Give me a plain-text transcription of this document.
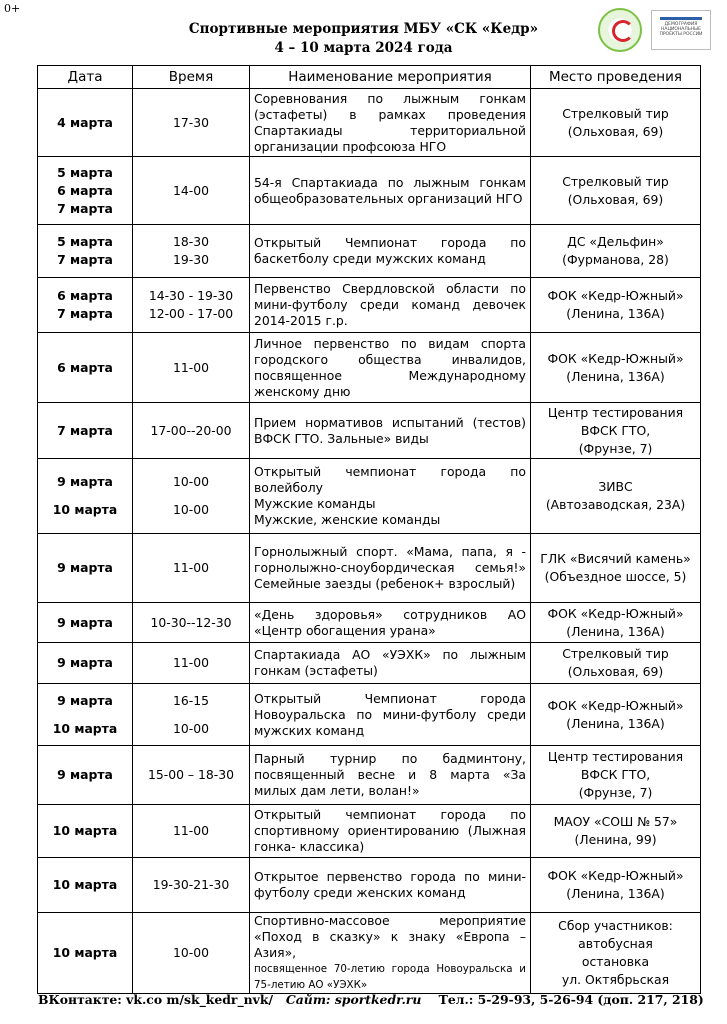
0+
Спортивные мероприятия МБУ «СК «Кедр»
4 – 10 марта 2024 года
ДЕМОГРАФИЯ НАЦИОНАЛЬНЫЕ ПРОЕКТЫ РОССИИ
Дата	Время	Наименование мероприятия	Место проведения

4 марта	17-30	Соревнования по лыжным гонкам (эстафеты) в рамках проведения Спартакиады территориальной организации профсоюза НГО	Стрелковый тир
(Ольховая, 69)

5 марта
6 марта
7 марта	14-00	54-я Спартакиада по лыжным гонкам общеобразовательных организаций НГО	Стрелковый тир
(Ольховая, 69)

5 марта
7 марта	18-30
19-30	Открытый Чемпионат города по баскетболу среди мужских команд	ДС «Дельфин»
(Фурманова, 28)

6 марта
7 марта	14-30 - 19-30
12-00 - 17-00	Первенство Свердловской области по мини-футболу среди команд девочек 2014-2015 г.р.	ФОК «Кедр-Южный»
(Ленина, 136А)

6 марта	11-00	Личное первенство по видам спорта городского общества инвалидов, посвященное Международному женскому дню	ФОК «Кедр-Южный»
(Ленина, 136А)

7 марта	17-00--20-00	Прием нормативов испытаний (тестов) ВФСК ГТО. Зальные» виды	Центр тестирования
ВФСК ГТО,
(Фрунзе, 7)

9 марта
10 марта	10-00
10-00	Открытый чемпионат города по волейболу
Мужские команды
Мужские, женские команды	ЗИВС
(Автозаводская, 23А)

9 марта	11-00	Горнолыжный спорт. «Мама, папа, я - горнолыжно-сноубордическая семья!» Семейные заезды (ребенок+ взрослый)	ГЛК «Висячий камень»
(Объездное шоссе, 5)

9 марта	10-30--12-30	«День здоровья» сотрудников АО «Центр обогащения урана»	ФОК «Кедр-Южный»
(Ленина, 136А)

9 марта	11-00	Спартакиада АО «УЭХК» по лыжным гонкам (эстафеты)	Стрелковый тир
(Ольховая, 69)

9 марта
10 марта	16-15
10-00	Открытый Чемпионат города Новоуральска по мини-футболу среди мужских команд	ФОК «Кедр-Южный»
(Ленина, 136А)

9 марта	15-00 – 18-30	Парный турнир по бадминтону, посвященный весне и 8 марта «За милых дам лети, волан!»	Центр тестирования
ВФСК ГТО,
(Фрунзе, 7)

10 марта	11-00	Открытый чемпионат города по спортивному ориентированию (Лыжная гонка- классика)	МАОУ «СОШ № 57»
(Ленина, 99)

10 марта	19-30-21-30	Открытое первенство города по мини-футболу среди женских команд	ФОК «Кедр-Южный»
(Ленина, 136А)

10 марта	10-00	Спортивно-массовое мероприятие «Поход в сказку» к знаку «Европа – Азия»,
посвященное 70-летию города Новоуральска и 75-летию АО «УЭХК»	Сбор участников:
автобусная
остановка
ул. Октябрьская
ВКонтакте: vk.co m/sk_kedr_nvk/ Сайт: sportkedr.ru Тел.: 5-29-93, 5-26-94 (доп. 217, 218)
